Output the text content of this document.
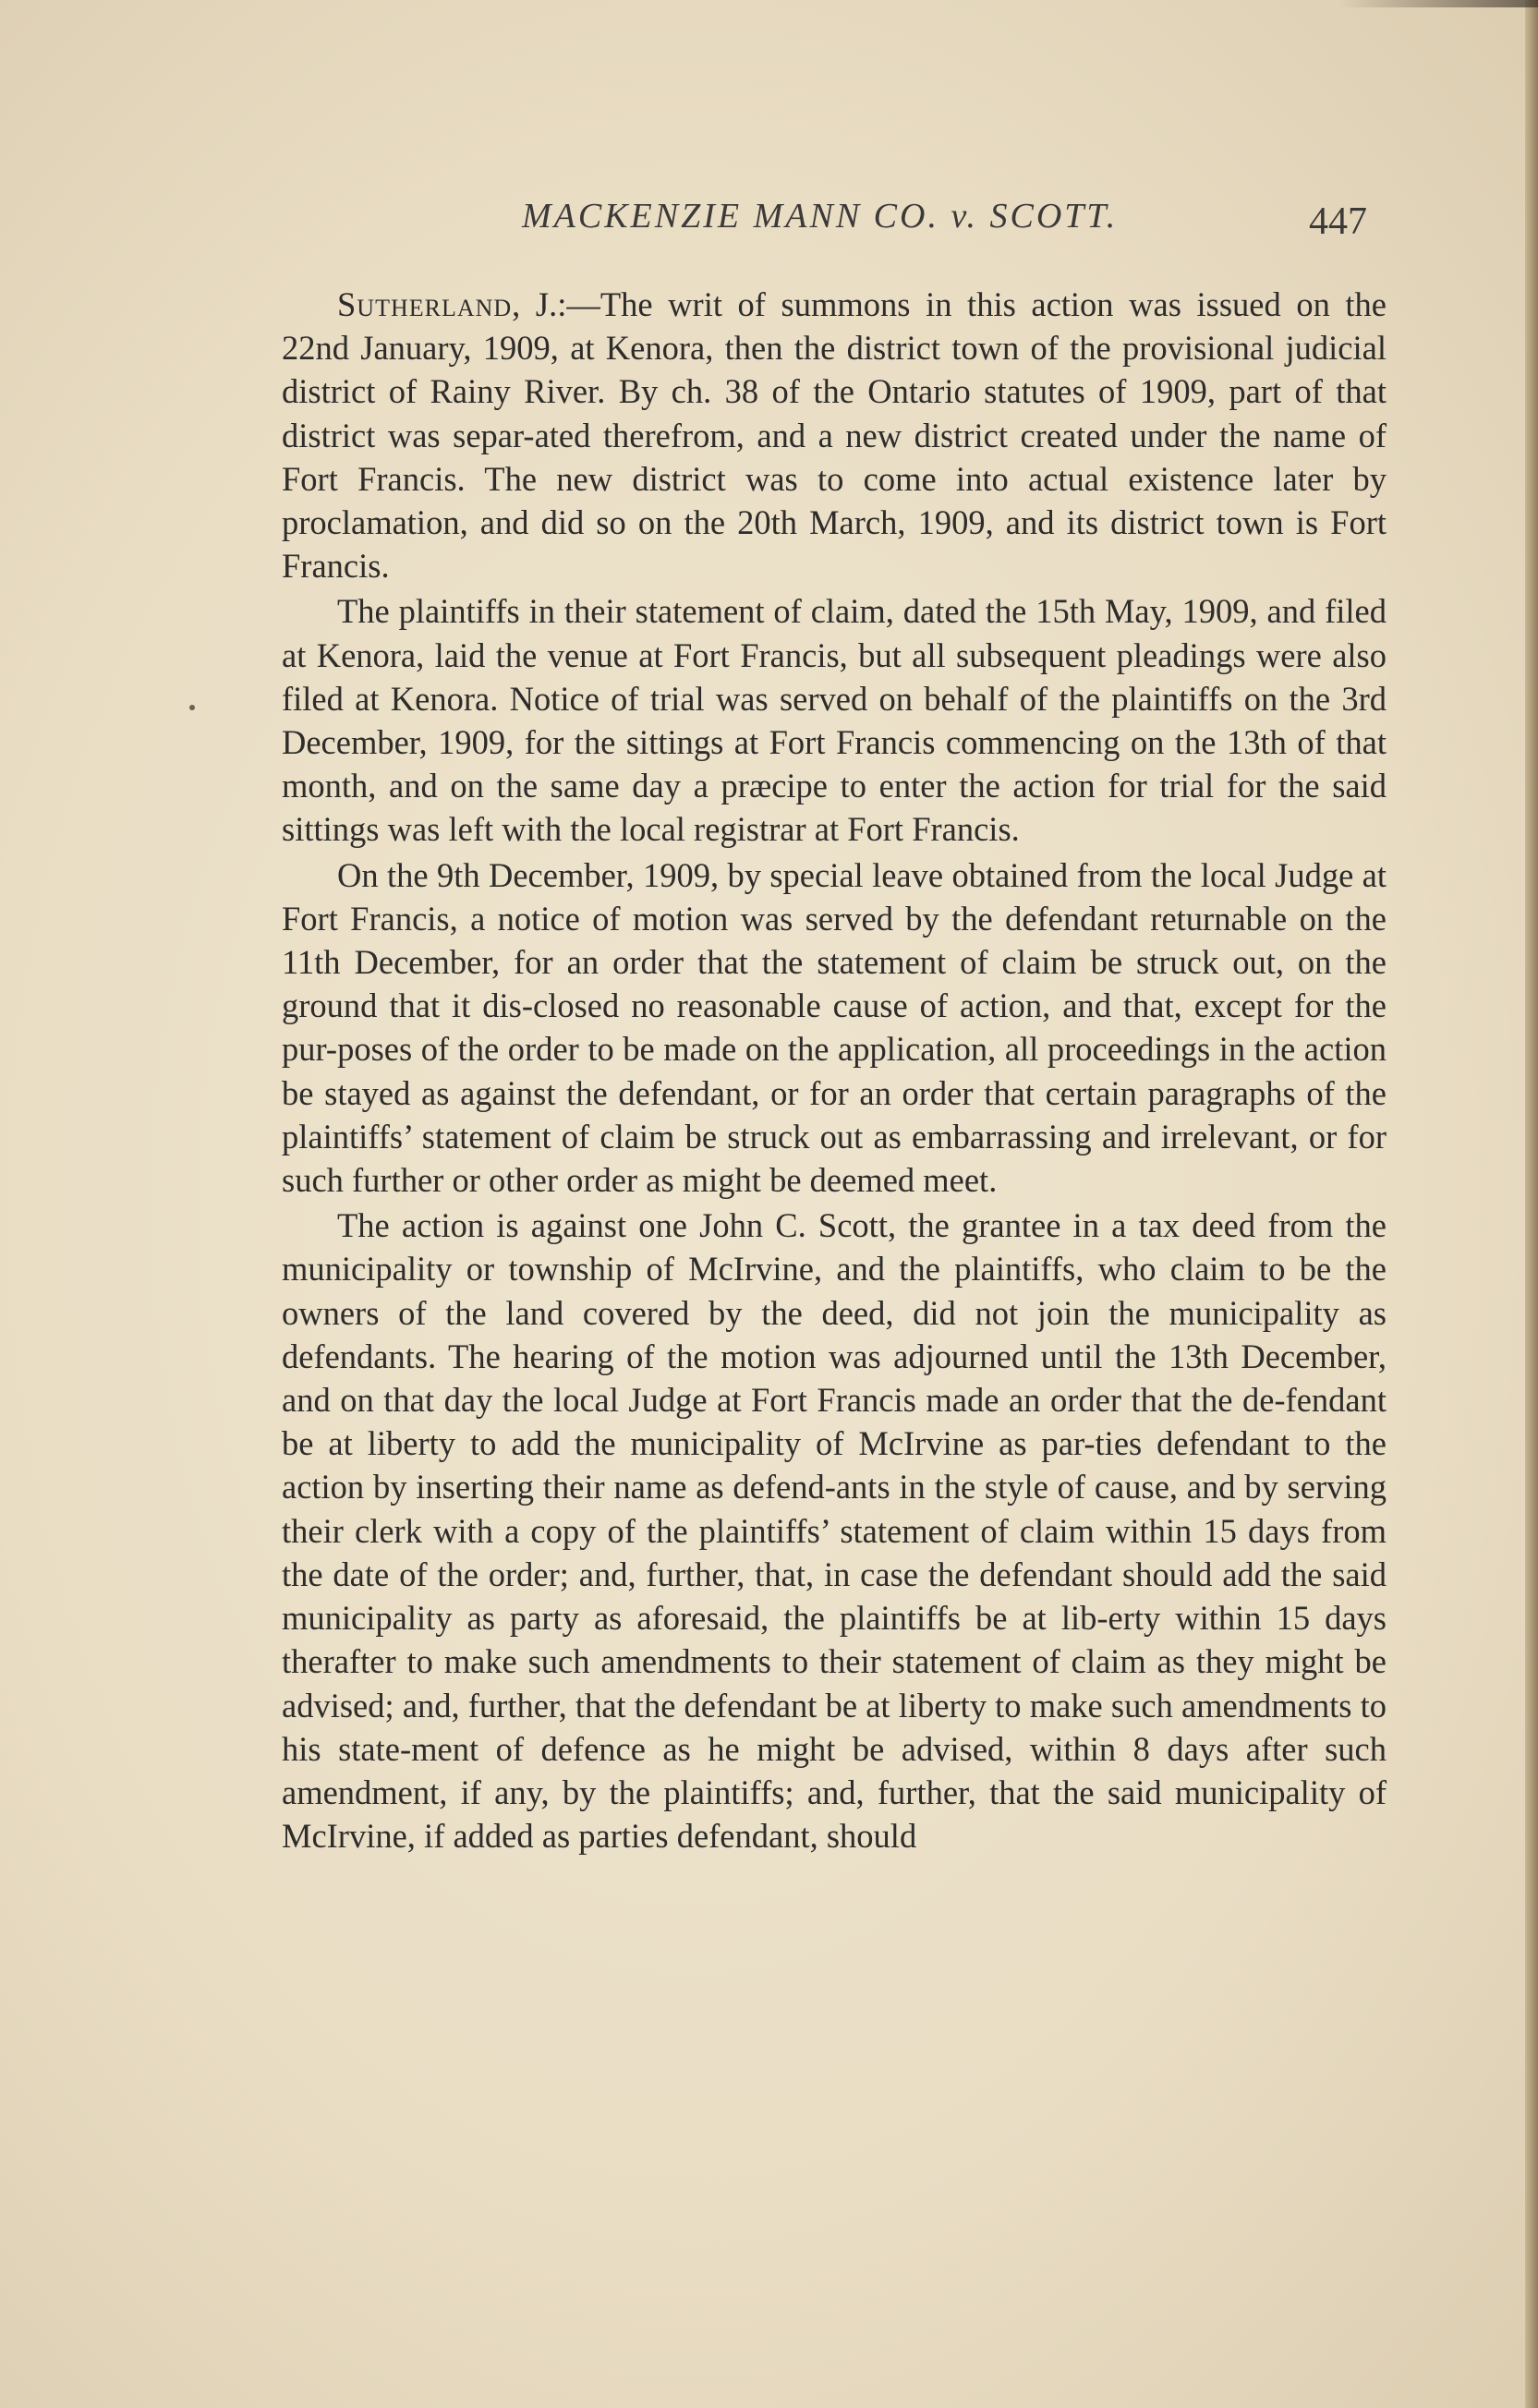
MACKENZIE MANN CO. v. SCOTT.	447

Sutherland, J.:—The writ of summons in this action was issued on the 22nd January, 1909, at Kenora, then the district town of the provisional judicial district of Rainy River. By ch. 38 of the Ontario statutes of 1909, part of that district was separ-ated therefrom, and a new district created under the name of Fort Francis. The new district was to come into actual existence later by proclamation, and did so on the 20th March, 1909, and its district town is Fort Francis.

The plaintiffs in their statement of claim, dated the 15th May, 1909, and filed at Kenora, laid the venue at Fort Francis, but all subsequent pleadings were also filed at Kenora. Notice of trial was served on behalf of the plaintiffs on the 3rd December, 1909, for the sittings at Fort Francis commencing on the 13th of that month, and on the same day a præcipe to enter the action for trial for the said sittings was left with the local registrar at Fort Francis.

On the 9th December, 1909, by special leave obtained from the local Judge at Fort Francis, a notice of motion was served by the defendant returnable on the 11th December, for an order that the statement of claim be struck out, on the ground that it dis-closed no reasonable cause of action, and that, except for the pur-poses of the order to be made on the application, all proceedings in the action be stayed as against the defendant, or for an order that certain paragraphs of the plaintiffs’ statement of claim be struck out as embarrassing and irrelevant, or for such further or other order as might be deemed meet.

The action is against one John C. Scott, the grantee in a tax deed from the municipality or township of McIrvine, and the plaintiffs, who claim to be the owners of the land covered by the deed, did not join the municipality as defendants. The hearing of the motion was adjourned until the 13th December, and on that day the local Judge at Fort Francis made an order that the de-fendant be at liberty to add the municipality of McIrvine as par-ties defendant to the action by inserting their name as defend-ants in the style of cause, and by serving their clerk with a copy of the plaintiffs’ statement of claim within 15 days from the date of the order; and, further, that, in case the defendant should add the said municipality as party as aforesaid, the plaintiffs be at lib-erty within 15 days therafter to make such amendments to their statement of claim as they might be advised; and, further, that the defendant be at liberty to make such amendments to his state-ment of defence as he might be advised, within 8 days after such amendment, if any, by the plaintiffs; and, further, that the said municipality of McIrvine, if added as parties defendant, should
